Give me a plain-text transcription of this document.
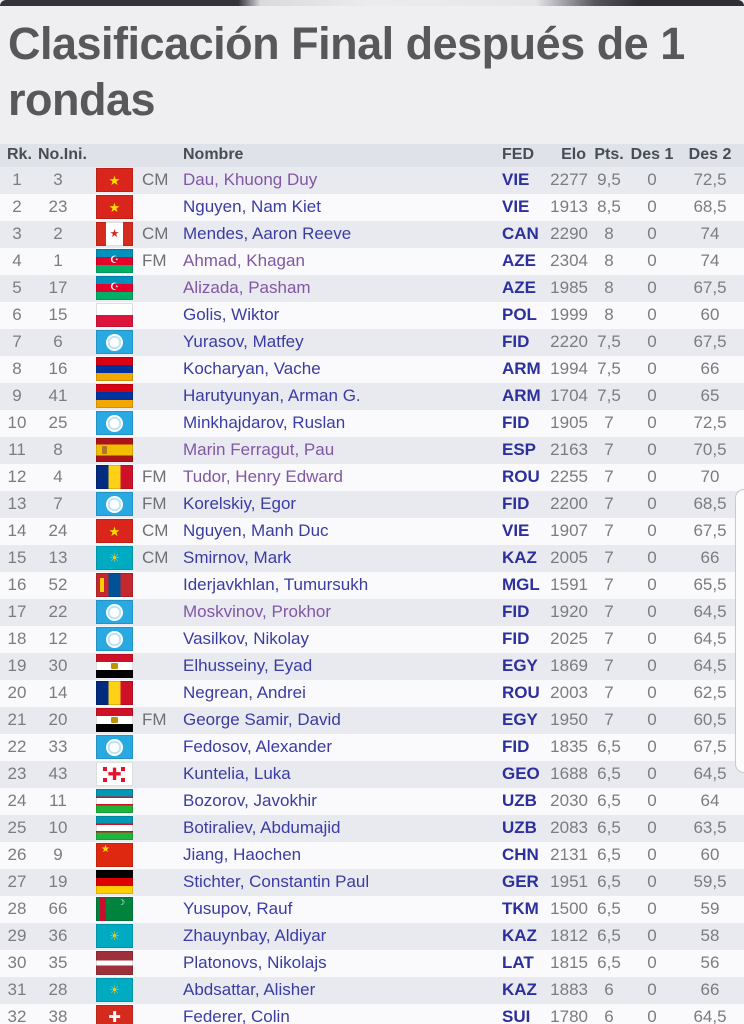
Clasificación Final después de 1
rondas
Rk. No.Ini.	Nombre	FED	Elo Pts. Des 1 Des 2
1	3 ★	CM Dau, Khuong Duy	VIE	2277 9,5	0	72,5
2	23 ★	Nguyen, Nam Kiet	VIE	1913 8,5	0	68,5
3	2 ★	CM Mendes, Aaron Reeve	CAN 2290 8	0	74
4	1 ☪	FM Ahmad, Khagan	AZE 2304 8	0	74
5	17 ☪	Alizada, Pasham	AZE 1985 8	0	67,5
6	15	Golis, Wiktor	POL 1999 8	0	60
7	6	Yurasov, Matfey	FID	2220 7,5	0	67,5
8	16	Kocharyan, Vache	ARM 1994 7,5	0	66
9	41	Harutyunyan, Arman G.	ARM 1704 7,5	0	65
10	25	Minkhajdarov, Ruslan	FID	1905 7	0	72,5
11	8	Marin Ferragut, Pau	ESP 2163 7	0	70,5
12	4	FM Tudor, Henry Edward	ROU 2255 7	0	70
13	7	FM Korelskiy, Egor	FID	2200 7	0	68,5
14	24 ★	CM Nguyen, Manh Duc	VIE	1907 7	0	67,5
15	13 ☀	CM Smirnov, Mark	KAZ 2005 7	0	66
16	52	Iderjavkhlan, Tumursukh	MGL 1591 7	0	65,5
17	22	Moskvinov, Prokhor	FID	1920 7	0	64,5
18	12	Vasilkov, Nikolay	FID	2025 7	0	64,5
19	30	Elhusseiny, Eyad	EGY 1869 7	0	64,5
20	14	Negrean, Andrei	ROU 2003 7	0	62,5
21	20	FM George Samir, David	EGY 1950 7	0	60,5
22	33	Fedosov, Alexander	FID	1835 6,5	0	67,5
23	43 ✚	Kuntelia, Luka	GEO 1688 6,5	0	64,5
24	11	Bozorov, Javokhir	UZB 2030 6,5	0	64
25	10	Botiraliev, Abdumajid	UZB 2083 6,5	0	63,5
26	9 ★	Jiang, Haochen	CHN 2131 6,5	0	60
27	19	Stichter, Constantin Paul	GER 1951 6,5	0	59,5
28	66 ☽	Yusupov, Rauf	TKM 1500 6,5	0	59
29	36 ☀	Zhauynbay, Aldiyar	KAZ 1812 6,5	0	58
30	35	Platonovs, Nikolajs	LAT 1815 6,5	0	56
31	28 ☀	Abdsattar, Alisher	KAZ 1883 6	0	66
32	38 ✚	Federer, Colin	SUI	1780 6	0	64,5
